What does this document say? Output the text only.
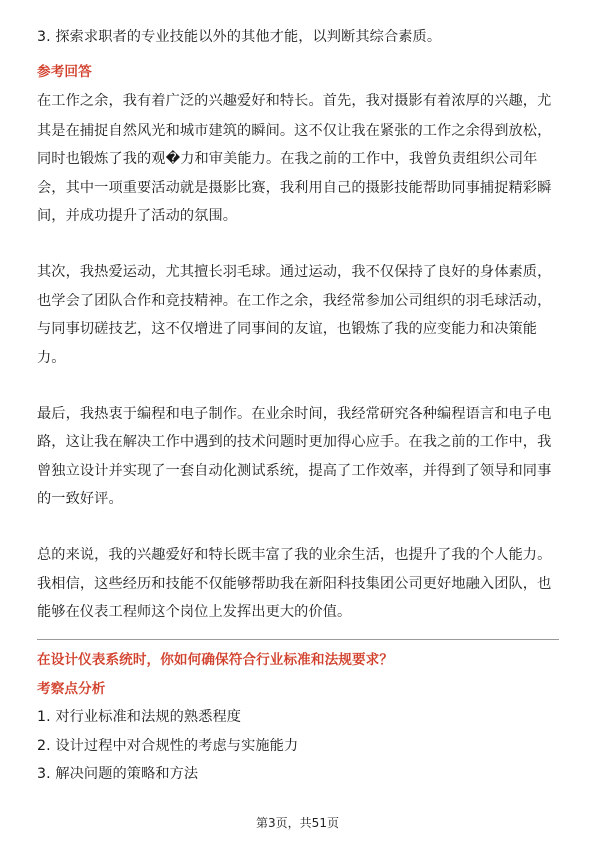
3. 探索求职者的专业技能以外的其他才能，以判断其综合素质。
参考回答
在工作之余，我有着广泛的兴趣爱好和特长。首先，我对摄影有着浓厚的兴趣，尤
其是在捕捉自然风光和城市建筑的瞬间。这不仅让我在紧张的工作之余得到放松，
同时也锻炼了我的观�力和审美能力。在我之前的工作中，我曾负责组织公司年
会，其中一项重要活动就是摄影比赛，我利用自己的摄影技能帮助同事捕捉精彩瞬
间，并成功提升了活动的氛围。
其次，我热爱运动，尤其擅长羽毛球。通过运动，我不仅保持了良好的身体素质，
也学会了团队合作和竞技精神。在工作之余，我经常参加公司组织的羽毛球活动，
与同事切磋技艺，这不仅增进了同事间的友谊，也锻炼了我的应变能力和决策能
力。
最后，我热衷于编程和电子制作。在业余时间，我经常研究各种编程语言和电子电
路，这让我在解决工作中遇到的技术问题时更加得心应手。在我之前的工作中，我
曾独立设计并实现了一套自动化测试系统，提高了工作效率，并得到了领导和同事
的一致好评。
总的来说，我的兴趣爱好和特长既丰富了我的业余生活，也提升了我的个人能力。
我相信，这些经历和技能不仅能够帮助我在新阳科技集团公司更好地融入团队，也
能够在仪表工程师这个岗位上发挥出更大的价值。
在设计仪表系统时，你如何确保符合行业标准和法规要求？
考察点分析
1. 对行业标准和法规的熟悉程度
2. 设计过程中对合规性的考虑与实施能力
3. 解决问题的策略和方法
第3页，共51页
